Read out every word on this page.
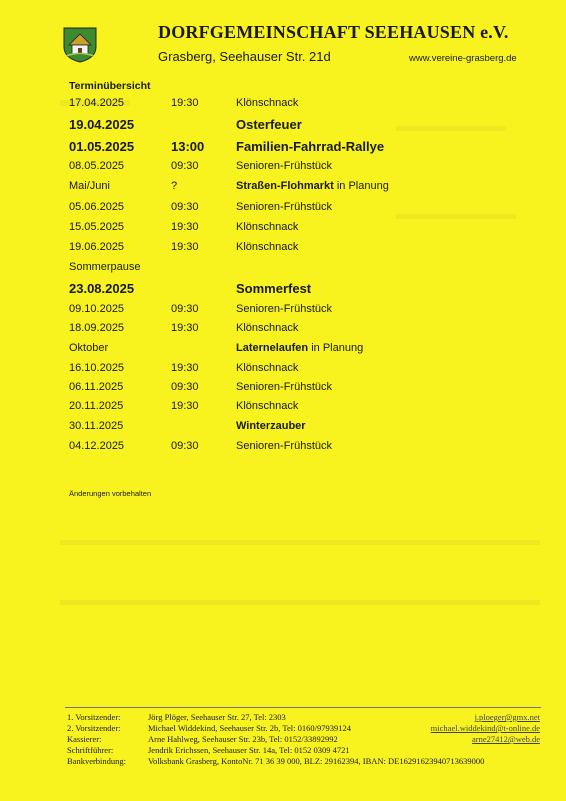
DORFGEMEINSCHAFT SEEHAUSEN e.V.
Grasberg, Seehauser Str. 21d	www.vereine-grasberg.de
Terminübersicht
17.04.2025	19:30	Klönschnack
19.04.2025	Osterfeuer
01.05.2025	13:00 Familien-Fahrrad-Rallye
08.05.2025	09:30	Senioren-Frühstück
Mai/Juni	?	Straßen-Flohmarkt in Planung
05.06.2025	09:30	Senioren-Frühstück
15.05.2025	19:30	Klönschnack
19.06.2025	19:30	Klönschnack
Sommerpause
23.08.2025	Sommerfest
09.10.2025	09:30	Senioren-Frühstück
18.09.2025	19:30	Klönschnack
Oktober	Laternelaufen in Planung
16.10.2025	19:30	Klönschnack
06.11.2025	09:30	Senioren-Frühstück
20.11.2025	19:30	Klönschnack
30.11.2025	Winterzauber
04.12.2025	09:30	Senioren-Frühstück
Änderungen vorbehalten
1. Vorsitzender:	Jörg Plöger, Seehauser Str. 27, Tel: 2303	j.ploeger@gmx.net
2. Vorsitzender:	Michael Widdekind, Seehauser Str. 2b, Tel: 0160/97939124	michael.widdekind@t-online.de
Kassierer:	Arne Hahlweg, Seehauser Str. 23b, Tel: 0152/33892992	arne27412@web.de
Schriftführer:	Jendrik Erichssen, Seehauser Str. 14a, Tel: 0152 0309 4721
Bankverbindung:	Volksbank Grasberg, KontoNr. 71 36 39 000, BLZ: 29162394, IBAN: DE16291623940713639000
